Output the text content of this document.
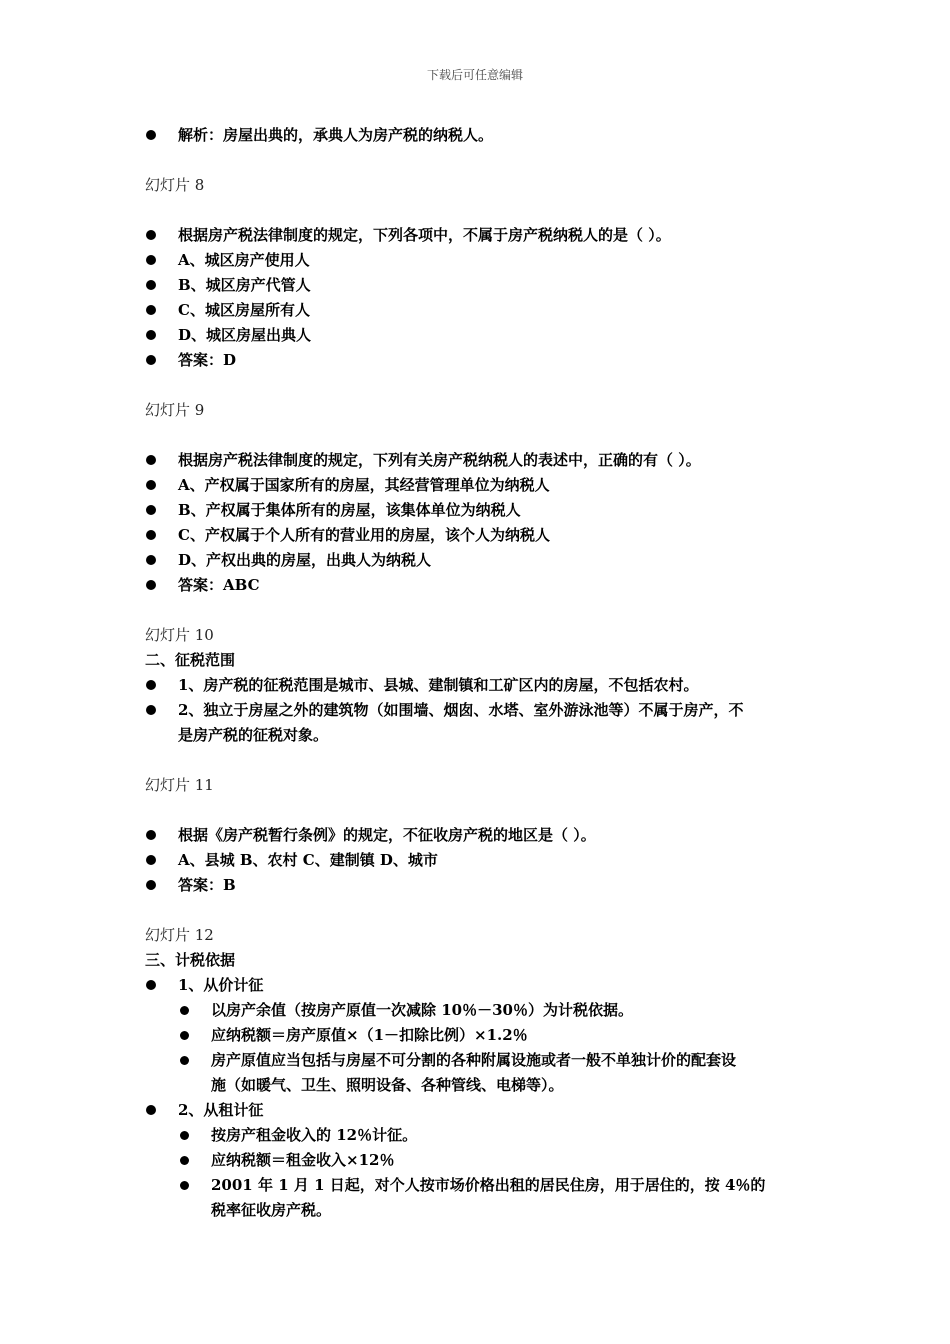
下载后可任意编辑
解析：房屋出典的，承典人为房产税的纳税人。
幻灯片 8
根据房产税法律制度的规定，下列各项中，不属于房产税纳税人的是（ ）。
A、城区房产使用人
B、城区房产代管人
C、城区房屋所有人
D、城区房屋出典人
答案：D
幻灯片 9
根据房产税法律制度的规定，下列有关房产税纳税人的表述中，正确的有（ ）。
A、产权属于国家所有的房屋，其经营管理单位为纳税人
B、产权属于集体所有的房屋，该集体单位为纳税人
C、产权属于个人所有的营业用的房屋，该个人为纳税人
D、产权出典的房屋，出典人为纳税人
答案：ABC
幻灯片 10
二、征税范围
1、房产税的征税范围是城市、县城、建制镇和工矿区内的房屋，不包括农村。
2、独立于房屋之外的建筑物（如围墙、烟囱、水塔、室外游泳池等）不属于房产，不
是房产税的征税对象。
幻灯片 11
根据《房产税暂行条例》的规定，不征收房产税的地区是（ ）。
A、县城 B、农村 C、建制镇 D、城市
答案：B
幻灯片 12
三、计税依据
1、从价计征
以房产余值（按房产原值一次减除 10％－30％）为计税依据。
应纳税额＝房产原值×（1－扣除比例）×1.2％
房产原值应当包括与房屋不可分割的各种附属设施或者一般不单独计价的配套设
施（如暖气、卫生、照明设备、各种管线、电梯等）。
2、从租计征
按房产租金收入的 12％计征。
应纳税额＝租金收入×12％
2001 年 1 月 1 日起，对个人按市场价格出租的居民住房，用于居住的，按 4％的
税率征收房产税。
